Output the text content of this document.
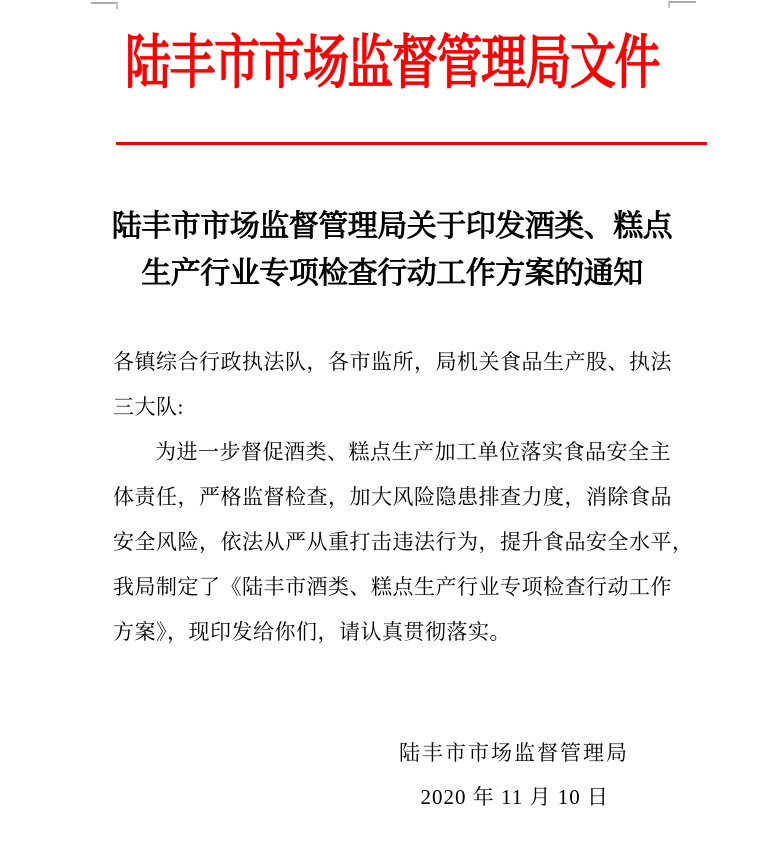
陆丰市市场监督管理局文件
陆丰市市场监督管理局关于印发酒类、糕点
生产行业专项检查行动工作方案的通知
各镇综合行政执法队，各市监所，局机关食品生产股、执法
三大队:
为进一步督促酒类、糕点生产加工单位落实食品安全主
体责任，严格监督检查，加大风险隐患排查力度，消除食品
安全风险，依法从严从重打击违法行为，提升食品安全水平，
我局制定了《陆丰市酒类、糕点生产行业专项检查行动工作
方案》，现印发给你们，请认真贯彻落实。
陆丰市市场监督管理局
2020 年 11 月 10 日
